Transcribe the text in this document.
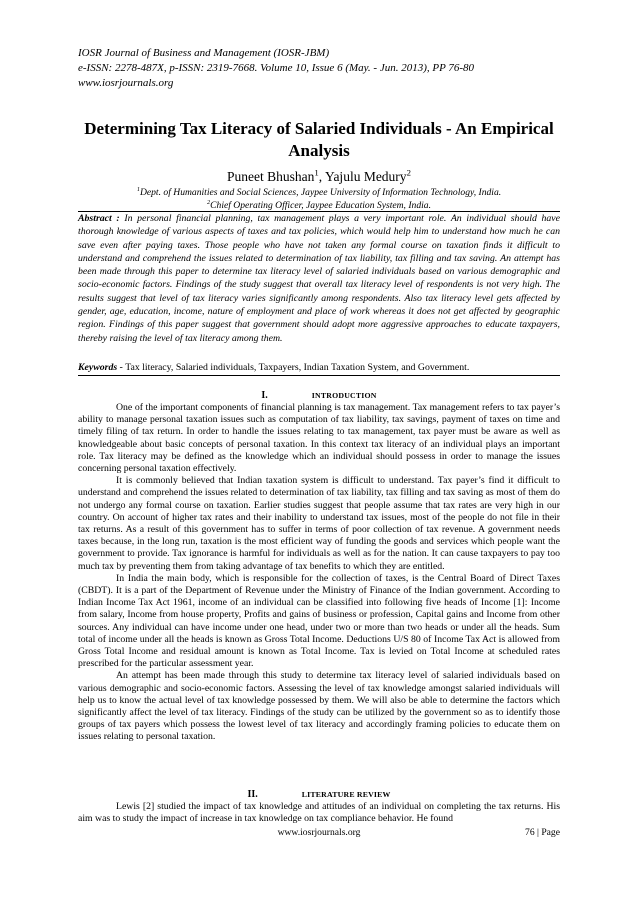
IOSR Journal of Business and Management (IOSR-JBM)
e-ISSN: 2278-487X, p-ISSN: 2319-7668. Volume 10, Issue 6 (May. - Jun. 2013), PP 76-80
www.iosrjournals.org
Determining Tax Literacy of Salaried Individuals - An Empirical Analysis
Puneet Bhushan$^1$, Yajulu Medury$^2$
$^1$Dept. of Humanities and Social Sciences, Jaypee University of Information Technology, India.
$^2$Chief Operating Officer, Jaypee Education System, India.
Abstract : In personal financial planning, tax management plays a very important role. An individual should have thorough knowledge of various aspects of taxes and tax policies, which would help him to understand how much he can save even after paying taxes. Those people who have not taken any formal course on taxation finds it difficult to understand and comprehend the issues related to determination of tax liability, tax filling and tax saving. An attempt has been made through this paper to determine tax literacy level of salaried individuals based on various demographic and socio-economic factors. Findings of the study suggest that overall tax literacy level of respondents is not very high. The results suggest that level of tax literacy varies significantly among respondents. Also tax literacy level gets affected by gender, age, education, income, nature of employment and place of work whereas it does not get affected by geographic region. Findings of this paper suggest that government should adopt more aggressive approaches to educate taxpayers, thereby raising the level of tax literacy among them.
Keywords - Tax literacy, Salaried individuals, Taxpayers, Indian Taxation System, and Government.
I.	INTRODUCTION

One of the important components of financial planning is tax management. Tax management refers to tax payer’s ability to manage personal taxation issues such as computation of tax liability, tax savings, payment of taxes on time and timely filing of tax return. In order to handle the issues relating to tax management, tax payer must be aware as well as knowledgeable about basic concepts of personal taxation. In this context tax literacy of an individual plays an important role. Tax literacy may be defined as the knowledge which an individual should possess in order to manage the issues concerning personal taxation effectively.

It is commonly believed that Indian taxation system is difficult to understand. Tax payer’s find it difficult to understand and comprehend the issues related to determination of tax liability, tax filling and tax saving as most of them do not undergo any formal course on taxation. Earlier studies suggest that people assume that tax rates are very high in our country. On account of higher tax rates and their inability to understand tax issues, most of the people do not file in their tax returns. As a result of this government has to suffer in terms of poor collection of tax revenue. A government needs taxes because, in the long run, taxation is the most efficient way of funding the goods and services which people want the government to provide. Tax ignorance is harmful for individuals as well as for the nation. It can cause taxpayers to pay too much tax by preventing them from taking advantage of tax benefits to which they are entitled.

In India the main body, which is responsible for the collection of taxes, is the Central Board of Direct Taxes (CBDT). It is a part of the Department of Revenue under the Ministry of Finance of the Indian government. According to Indian Income Tax Act 1961, income of an individual can be classified into following five heads of Income [1]: Income from salary, Income from house property, Profits and gains of business or profession, Capital gains and Income from other sources. Any individual can have income under one head, under two or more than two heads or under all the heads. Sum total of income under all the heads is known as Gross Total Income. Deductions U/S 80 of Income Tax Act is allowed from Gross Total Income and residual amount is known as Total Income. Tax is levied on Total Income at scheduled rates prescribed for the particular assessment year.

An attempt has been made through this study to determine tax literacy level of salaried individuals based on various demographic and socio-economic factors. Assessing the level of tax knowledge amongst salaried individuals will help us to know the actual level of tax knowledge possessed by them. We will also be able to determine the factors which significantly affect the level of tax literacy. Findings of the study can be utilized by the government so as to identify those groups of tax payers which possess the lowest level of tax literacy and accordingly framing policies to educate them on issues relating to personal taxation.

II.	LITERATURE REVIEW

Lewis [2] studied the impact of tax knowledge and attitudes of an individual on completing the tax returns. His aim was to study the impact of increase in tax knowledge on tax compliance behavior. He found

www.iosrjournals.org	76 | Page
